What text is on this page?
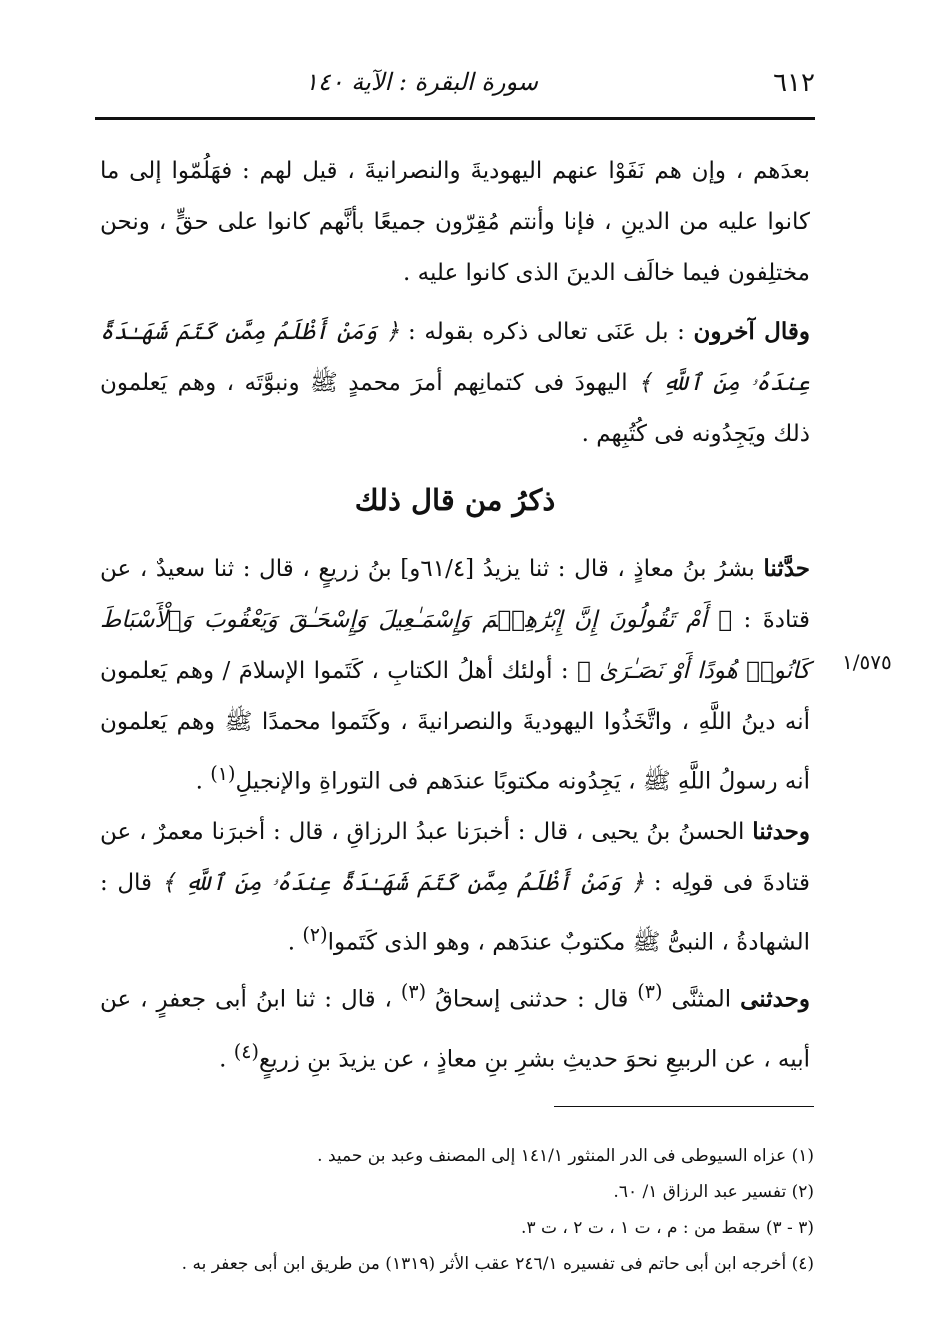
٦١٢
سورة البقرة : الآية ١٤٠

بعدَهم ، وإن هم نَفَوْا عنهم اليهوديةَ والنصرانيةَ ، قيل لهم : فهَلُمّوا إلى ما كانوا عليه من الدينِ ، فإنا وأنتم مُقِرّون جميعًا بأنَّهم كانوا على حقٍّ ، ونحن مختلِفون فيما خالَف الدينَ الذى كانوا عليه .

وقال آخرون : بل عَنَى تعالى ذكره بقوله : ﴿ وَمَنْ أَظْلَمُ مِمَّن كَتَمَ شَهَـٰدَةً عِندَهُۥ مِنَ ٱللَّهِ ﴾ اليهودَ فى كتمانِهم أمرَ محمدٍ ﷺ ونبوَّتَه ، وهم يَعلمون ذلك ويَجِدُونه فى كُتُبِهم .

ذكرُ من قال ذلك

حدَّثنا بشرُ بنُ معاذٍ ، قال : ثنا يزيدُ [٦١/٤و] بنُ زريعٍ ، قال : ثنا سعيدٌ ، عن قتادةَ : ﴿ أَمْ تَقُولُونَ إِنَّ إِبْرَٰهِـۧمَ وَإِسْمَـٰعِيلَ وَإِسْحَـٰقَ وَيَعْقُوبَ وَٱلْأَسْبَاطَ كَانُوا۟ هُودًا أَوْ نَصَـٰرَىٰ ﴾ : أولئك أهلُ الكتابِ ، كَتَموا الإسلامَ / وهم يَعلمون أنه دينُ اللَّهِ ، واتَّخَذُوا اليهوديةَ والنصرانيةَ ، وكَتَموا محمدًا ﷺ وهم يَعلمون أنه رسولُ اللَّهِ ﷺ ، يَجِدُونه مكتوبًا عندَهم فى التوراةِ والإنجيلِ$^{(١)}$ .

١/٥٧٥

وحدثنا الحسنُ بنُ يحيى ، قال : أخبرَنا عبدُ الرزاقِ ، قال : أخبرَنا معمرٌ ، عن قتادةَ فى قولِه : ﴿ وَمَنْ أَظْلَمُ مِمَّن كَتَمَ شَهَـٰدَةً عِندَهُۥ مِنَ ٱللَّهِ ﴾ قال : الشهادةُ ، النبىُّ ﷺ مكتوبٌ عندَهم ، وهو الذى كَتَموا$^{(٢)}$ .

وحدثنى المثنَّى $^{(٣)}$ قال : حدثنى إسحاقُ $^{(٣)}$ ، قال : ثنا ابنُ أبى جعفرٍ ، عن أبيه ، عن الربيعِ نحوَ حديثِ بشرِ بنِ معاذٍ ، عن يزيدَ بنِ زريعٍ$^{(٤)}$ .

(١) عزاه السيوطى فى الدر المنثور ١٤١/١ إلى المصنف وعبد بن حميد .
(٢) تفسير عبد الرزاق ١/ ٦٠.
(٣ - ٣) سقط من : م ، ت ١ ، ت ٢ ، ت ٣.
(٤) أخرجه ابن أبى حاتم فى تفسيره ٢٤٦/١ عقب الأثر (١٣١٩) من طريق ابن أبى جعفر به .
